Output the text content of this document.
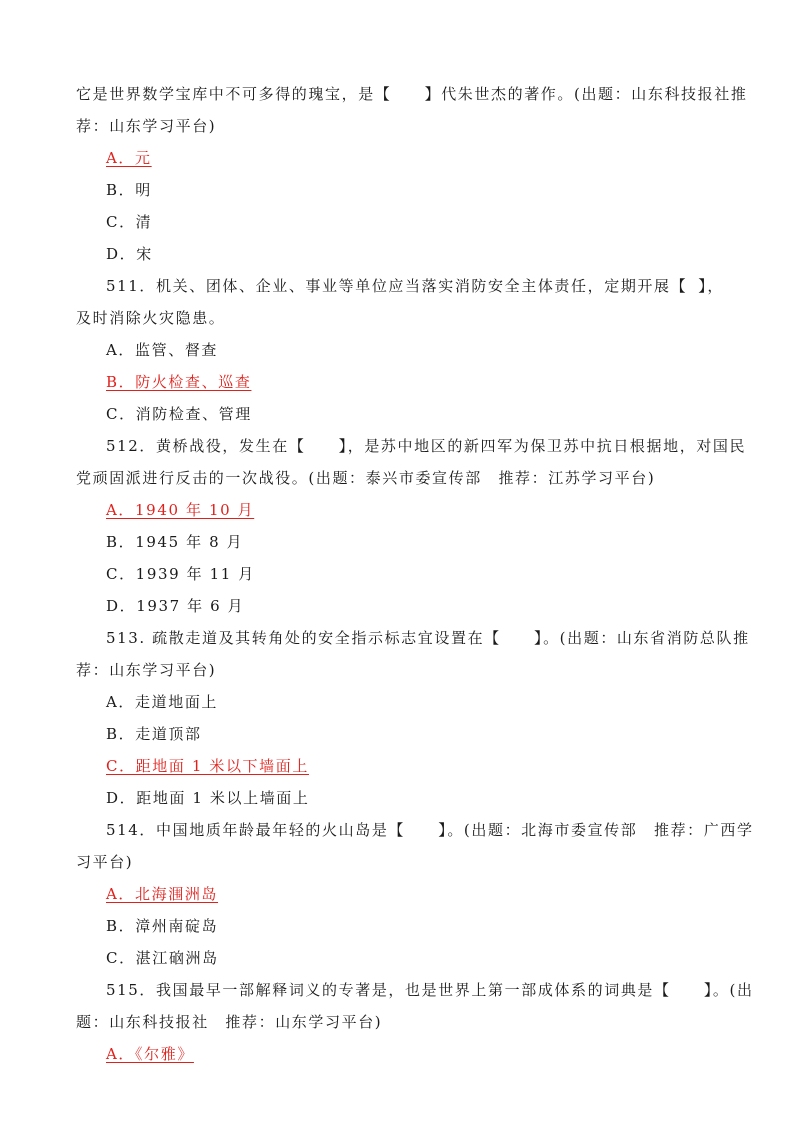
它是世界数学宝库中不可多得的瑰宝，是【　　】代朱世杰的著作。(出题：山东科技报社 推
荐：山东学习平台)
A．元
B．明
C．清
D．宋
511．机关、团体、企业、事业等单位应当落实消防安全主体责任，定期开展【 】，
及时消除火灾隐患。
A．监管、督查
B．防火检查、巡查
C．消防检查、管理
512．黄桥战役，发生在【　　】，是苏中地区的新四军为保卫苏中抗日根据地，对国民
党顽固派进行反击的一次战役。(出题：泰兴市委宣传部　推荐：江苏学习平台)
A．1940 年 10 月
B．1945 年 8 月
C．1939 年 11 月
D．1937 年 6 月
513. 疏散走道及其转角处的安全指示标志宜设置在【　　】。(出题：山东省消防总队 推
荐：山东学习平台)
A．走道地面上
B．走道顶部
C．距地面 1 米以下墙面上
D．距地面 1 米以上墙面上
514．中国地质年龄最年轻的火山岛是【　　】。(出题：北海市委宣传部　推荐：广西学
习平台)
A．北海涠洲岛
B．漳州南碇岛
C．湛江硇洲岛
515．我国最早一部解释词义的专著是，也是世界上第一部成体系的词典是【　　】。(出
题：山东科技报社　推荐：山东学习平台)
A．《尔雅》
